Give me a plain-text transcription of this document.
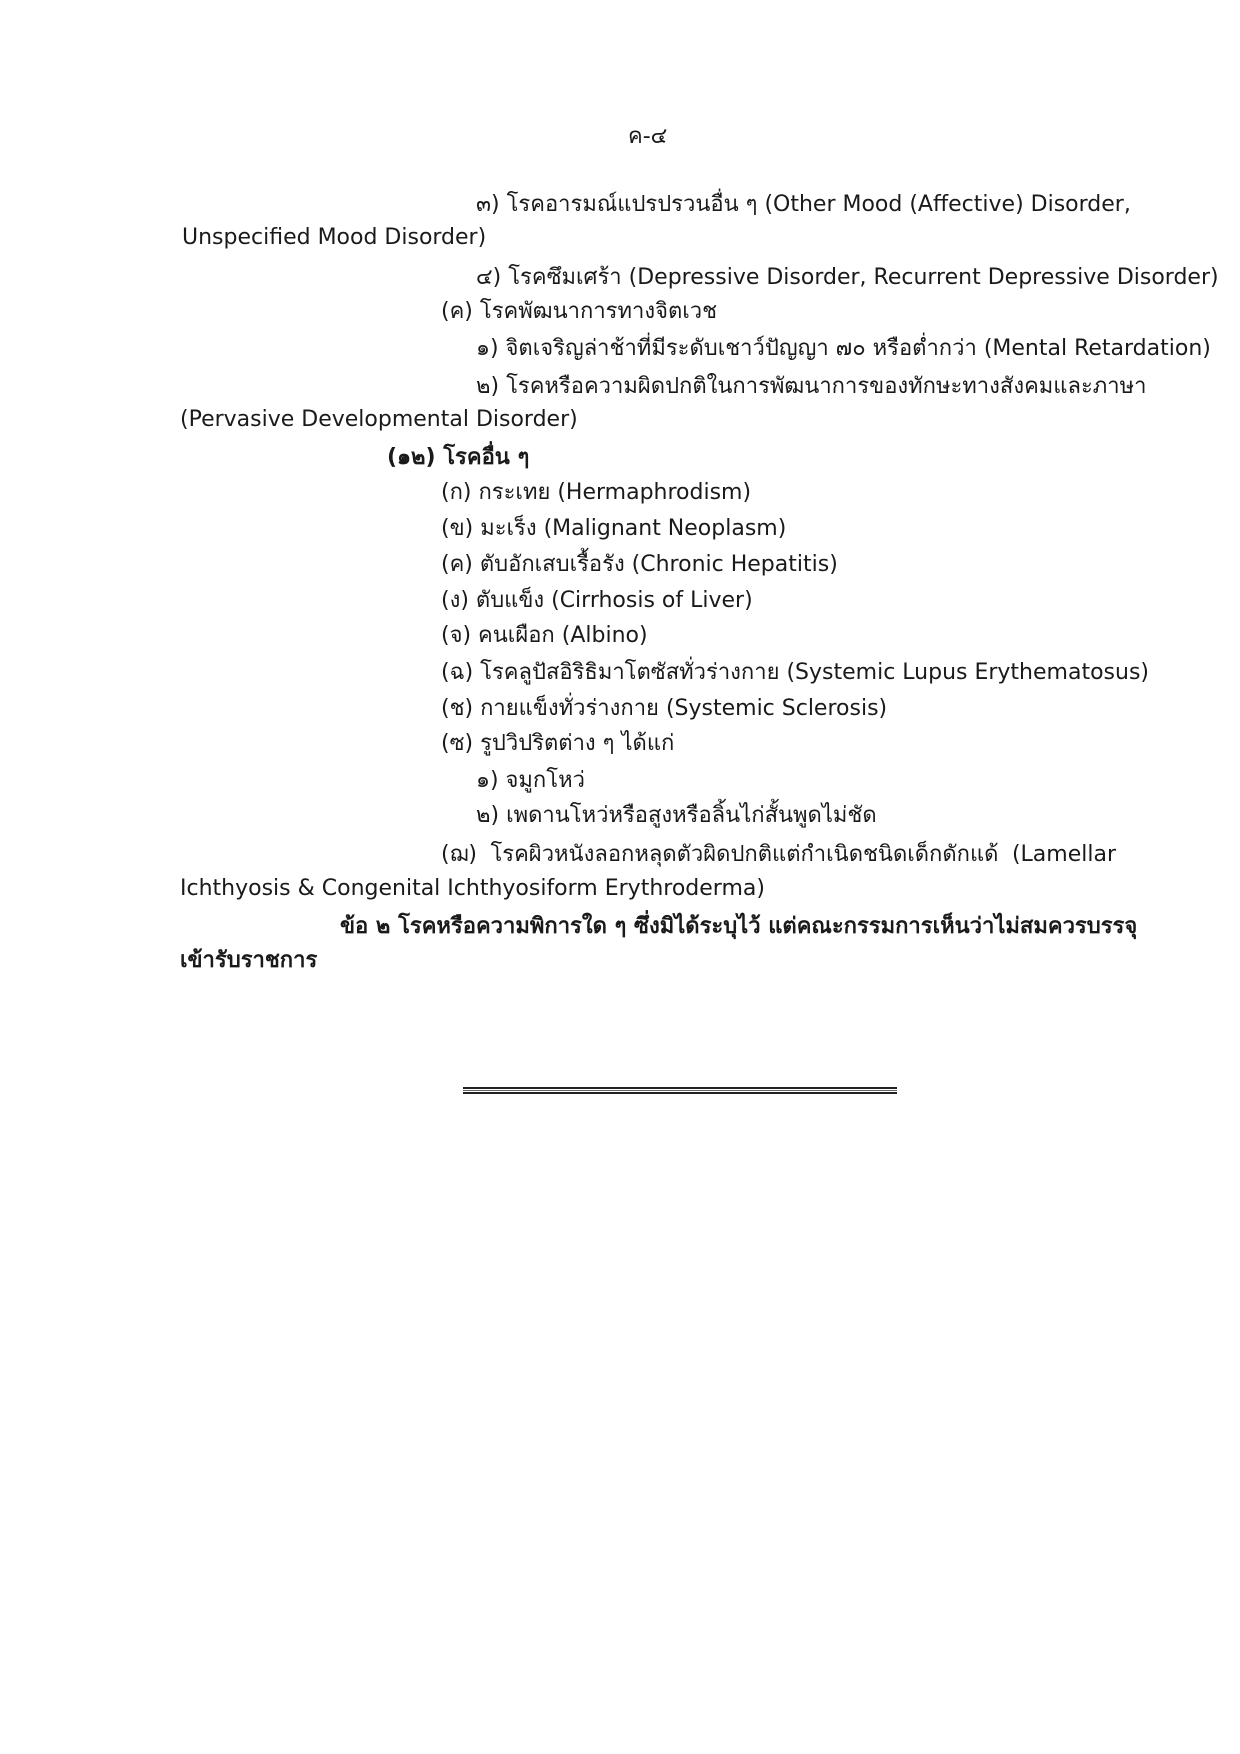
ค-๔
๓) โรคอารมณ์แปรปรวนอื่น ๆ (Other Mood (Affective) Disorder,
Unspecified Mood Disorder)
๔) โรคซึมเศร้า (Depressive Disorder, Recurrent Depressive Disorder)
(ค) โรคพัฒนาการทางจิตเวช
๑) จิตเจริญล่าช้าที่มีระดับเชาว์ปัญญา ๗๐ หรือต่ำกว่า (Mental Retardation)
๒) โรคหรือความผิดปกติในการพัฒนาการของทักษะทางสังคมและภาษา
(Pervasive Developmental Disorder)
(๑๒) โรคอื่น ๆ
(ก) กระเทย (Hermaphrodism)
(ข) มะเร็ง (Malignant Neoplasm)
(ค) ตับอักเสบเรื้อรัง (Chronic Hepatitis)
(ง) ตับแข็ง (Cirrhosis of Liver)
(จ) คนเผือก (Albino)
(ฉ) โรคลูปัสอิริธิมาโตซัสทั่วร่างกาย (Systemic Lupus Erythematosus)
(ช) กายแข็งทั่วร่างกาย (Systemic Sclerosis)
(ซ) รูปวิปริตต่าง ๆ ได้แก่
๑) จมูกโหว่
๒) เพดานโหว่หรือสูงหรือลิ้นไก่สั้นพูดไม่ชัด
(ฌ) โรคผิวหนังลอกหลุดตัวผิดปกติแต่กำเนิดชนิดเด็กดักแด้ (Lamellar
Ichthyosis & Congenital Ichthyosiform Erythroderma)
ข้อ ๒ โรคหรือความพิการใด ๆ ซึ่งมิได้ระบุไว้ แต่คณะกรรมการเห็นว่าไม่สมควรบรรจุ
เข้ารับราชการ
